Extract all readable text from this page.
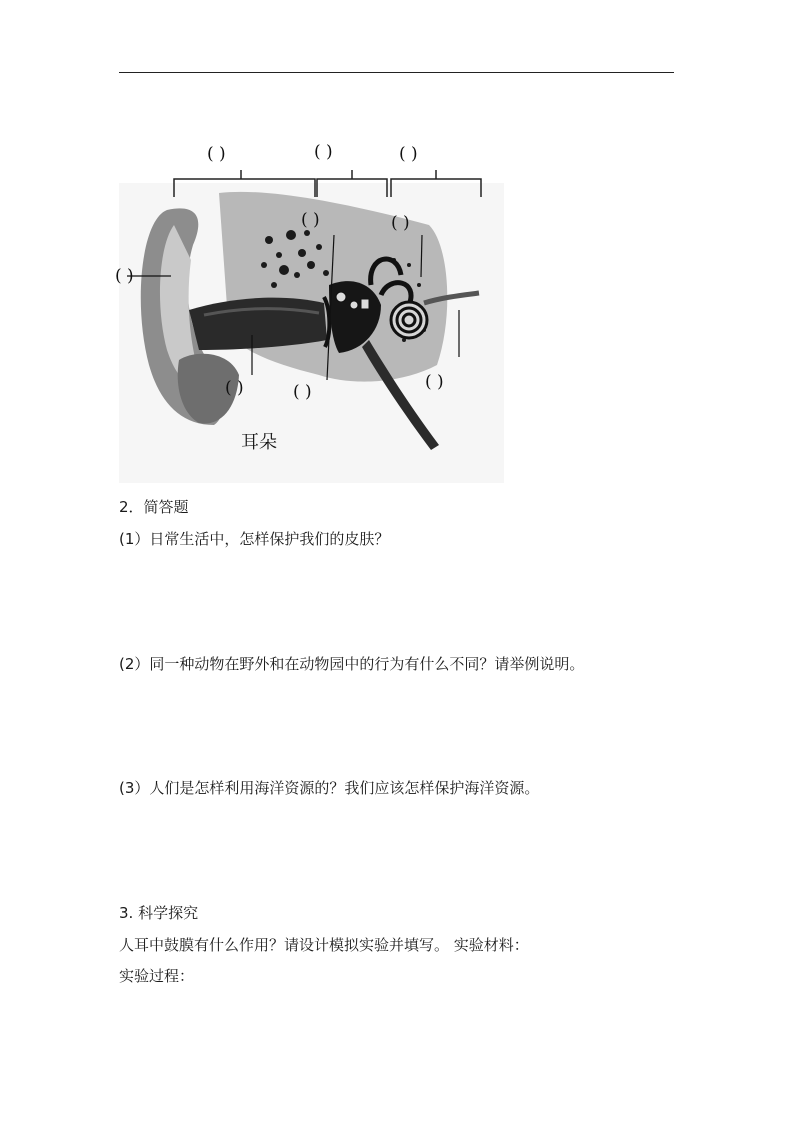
( )	( )	( )
( )	( )
( )
( )	( )	( )
耳朵
2．简答题
(1）日常生活中，怎样保护我们的皮肤？
(2）同一种动物在野外和在动物园中的行为有什么不同？请举例说明。
(3）人们是怎样利用海洋资源的？我们应该怎样保护海洋资源。
3. 科学探究
人耳中鼓膜有什么作用？请设计模拟实验并填写。 实验材料：
实验过程：
